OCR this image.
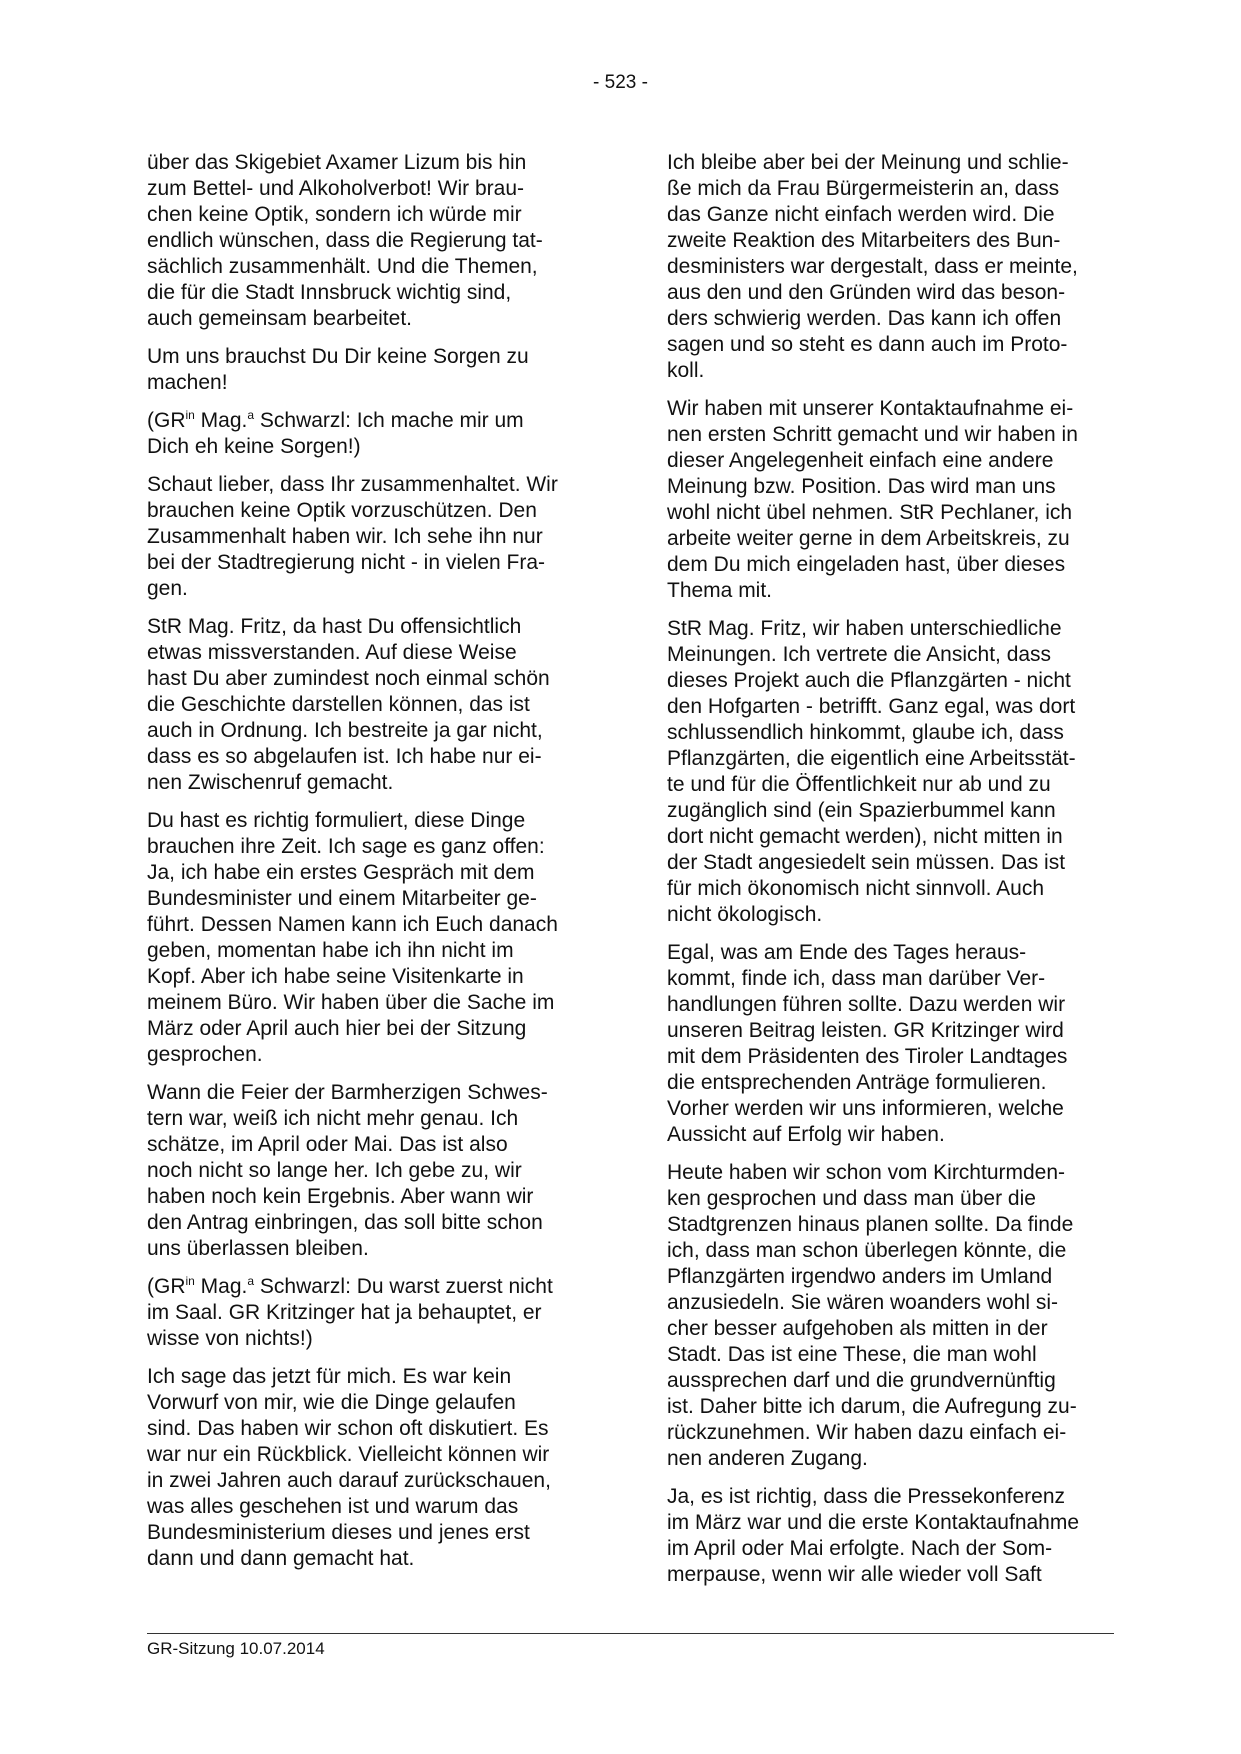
- 523 -

über das Skigebiet Axamer Lizum bis hin
zum Bettel- und Alkoholverbot! Wir brau-
chen keine Optik, sondern ich würde mir
endlich wünschen, dass die Regierung tat-
sächlich zusammenhält. Und die Themen,
die für die Stadt Innsbruck wichtig sind,
auch gemeinsam bearbeitet.

Um uns brauchst Du Dir keine Sorgen zu
machen!

($GR^{in}$ Mag.$^a$ Schwarzl: Ich mache mir um
Dich eh keine Sorgen!)

Schaut lieber, dass Ihr zusammenhaltet. Wir
brauchen keine Optik vorzuschützen. Den
Zusammenhalt haben wir. Ich sehe ihn nur
bei der Stadtregierung nicht - in vielen Fra-
gen.

StR Mag. Fritz, da hast Du offensichtlich
etwas missverstanden. Auf diese Weise
hast Du aber zumindest noch einmal schön
die Geschichte darstellen können, das ist
auch in Ordnung. Ich bestreite ja gar nicht,
dass es so abgelaufen ist. Ich habe nur ei-
nen Zwischenruf gemacht.

Du hast es richtig formuliert, diese Dinge
brauchen ihre Zeit. Ich sage es ganz offen:
Ja, ich habe ein erstes Gespräch mit dem
Bundesminister und einem Mitarbeiter ge-
führt. Dessen Namen kann ich Euch danach
geben, momentan habe ich ihn nicht im
Kopf. Aber ich habe seine Visitenkarte in
meinem Büro. Wir haben über die Sache im
März oder April auch hier bei der Sitzung
gesprochen.

Wann die Feier der Barmherzigen Schwes-
tern war, weiß ich nicht mehr genau. Ich
schätze, im April oder Mai. Das ist also
noch nicht so lange her. Ich gebe zu, wir
haben noch kein Ergebnis. Aber wann wir
den Antrag einbringen, das soll bitte schon
uns überlassen bleiben.

($GR^{in}$ Mag.$^a$ Schwarzl: Du warst zuerst nicht
im Saal. GR Kritzinger hat ja behauptet, er
wisse von nichts!)

Ich sage das jetzt für mich. Es war kein
Vorwurf von mir, wie die Dinge gelaufen
sind. Das haben wir schon oft diskutiert. Es
war nur ein Rückblick. Vielleicht können wir
in zwei Jahren auch darauf zurückschauen,
was alles geschehen ist und warum das
Bundesministerium dieses und jenes erst
dann und dann gemacht hat.

Ich bleibe aber bei der Meinung und schlie-
ße mich da Frau Bürgermeisterin an, dass
das Ganze nicht einfach werden wird. Die
zweite Reaktion des Mitarbeiters des Bun-
desministers war dergestalt, dass er meinte,
aus den und den Gründen wird das beson-
ders schwierig werden. Das kann ich offen
sagen und so steht es dann auch im Proto-
koll.

Wir haben mit unserer Kontaktaufnahme ei-
nen ersten Schritt gemacht und wir haben in
dieser Angelegenheit einfach eine andere
Meinung bzw. Position. Das wird man uns
wohl nicht übel nehmen. StR Pechlaner, ich
arbeite weiter gerne in dem Arbeitskreis, zu
dem Du mich eingeladen hast, über dieses
Thema mit.

StR Mag. Fritz, wir haben unterschiedliche
Meinungen. Ich vertrete die Ansicht, dass
dieses Projekt auch die Pflanzgärten - nicht
den Hofgarten - betrifft. Ganz egal, was dort
schlussendlich hinkommt, glaube ich, dass
Pflanzgärten, die eigentlich eine Arbeitsstät-
te und für die Öffentlichkeit nur ab und zu
zugänglich sind (ein Spazierbummel kann
dort nicht gemacht werden), nicht mitten in
der Stadt angesiedelt sein müssen. Das ist
für mich ökonomisch nicht sinnvoll. Auch
nicht ökologisch.

Egal, was am Ende des Tages heraus-
kommt, finde ich, dass man darüber Ver-
handlungen führen sollte. Dazu werden wir
unseren Beitrag leisten. GR Kritzinger wird
mit dem Präsidenten des Tiroler Landtages
die entsprechenden Anträge formulieren.
Vorher werden wir uns informieren, welche
Aussicht auf Erfolg wir haben.

Heute haben wir schon vom Kirchturmden-
ken gesprochen und dass man über die
Stadtgrenzen hinaus planen sollte. Da finde
ich, dass man schon überlegen könnte, die
Pflanzgärten irgendwo anders im Umland
anzusiedeln. Sie wären woanders wohl si-
cher besser aufgehoben als mitten in der
Stadt. Das ist eine These, die man wohl
aussprechen darf und die grundvernünftig
ist. Daher bitte ich darum, die Aufregung zu-
rückzunehmen. Wir haben dazu einfach ei-
nen anderen Zugang.

Ja, es ist richtig, dass die Pressekonferenz
im März war und die erste Kontaktaufnahme
im April oder Mai erfolgte. Nach der Som-
merpause, wenn wir alle wieder voll Saft

GR-Sitzung 10.07.2014
